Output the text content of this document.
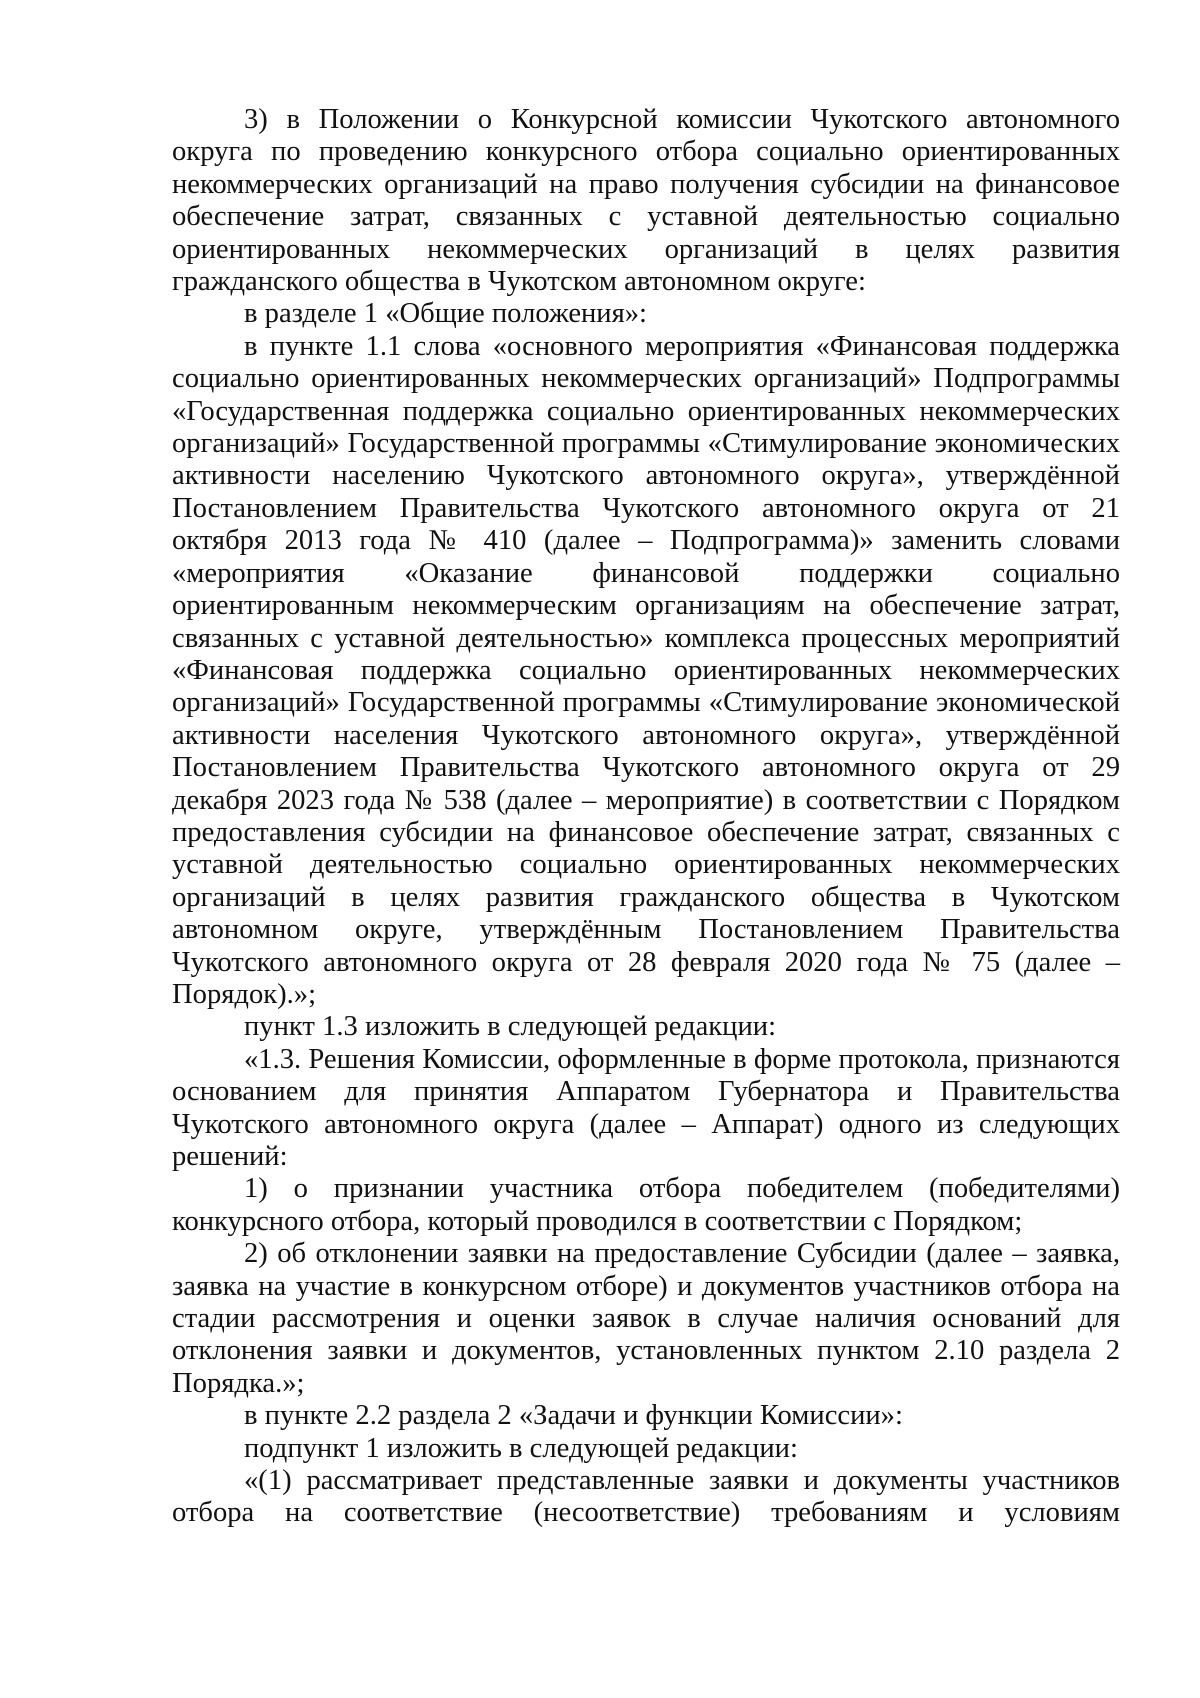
3) в Положении о Конкурсной комиссии Чукотского автономного округа по проведению конкурсного отбора социально ориентированных некоммерческих организаций на право получения субсидии на финансовое обеспечение затрат, связанных с уставной деятельностью социально ориентированных некоммерческих организаций в целях развития гражданского общества в Чукотском автономном округе:

в разделе 1 «Общие положения»:

в пункте 1.1 слова «основного мероприятия «Финансовая поддержка социально ориентированных некоммерческих организаций» Подпрограммы «Государственная поддержка социально ориентированных некоммерческих организаций» Государственной программы «Стимулирование экономических активности населению Чукотского автономного округа», утверждённой Постановлением Правительства Чукотского автономного округа от 21 октября 2013 года № 410 (далее – Подпрограмма)» заменить словами «мероприятия «Оказание финансовой поддержки социально ориентированным некоммерческим организациям на обеспечение затрат, связанных с уставной деятельностью» комплекса процессных мероприятий «Финансовая поддержка социально ориентированных некоммерческих организаций» Государственной программы «Стимулирование экономической активности населения Чукотского автономного округа», утверждённой Постановлением Правительства Чукотского автономного округа от 29 декабря 2023 года № 538 (далее – мероприятие) в соответствии с Порядком предоставления субсидии на финансовое обеспечение затрат, связанных с уставной деятельностью социально ориентированных некоммерческих организаций в целях развития гражданского общества в Чукотском автономном округе, утверждённым Постановлением Правительства Чукотского автономного округа от 28 февраля 2020 года № 75 (далее – Порядок).»;

пункт 1.3 изложить в следующей редакции:

«1.3. Решения Комиссии, оформленные в форме протокола, признаются основанием для принятия Аппаратом Губернатора и Правительства Чукотского автономного округа (далее – Аппарат) одного из следующих решений:

1) о признании участника отбора победителем (победителями) конкурсного отбора, который проводился в соответствии с Порядком;

2) об отклонении заявки на предоставление Субсидии (далее – заявка, заявка на участие в конкурсном отборе) и документов участников отбора на стадии рассмотрения и оценки заявок в случае наличия оснований для отклонения заявки и документов, установленных пунктом 2.10 раздела 2 Порядка.»;

в пункте 2.2 раздела 2 «Задачи и функции Комиссии»:

подпункт 1 изложить в следующей редакции:

«(1) рассматривает представленные заявки и документы участников отбора на соответствие (несоответствие) требованиям и условиям
